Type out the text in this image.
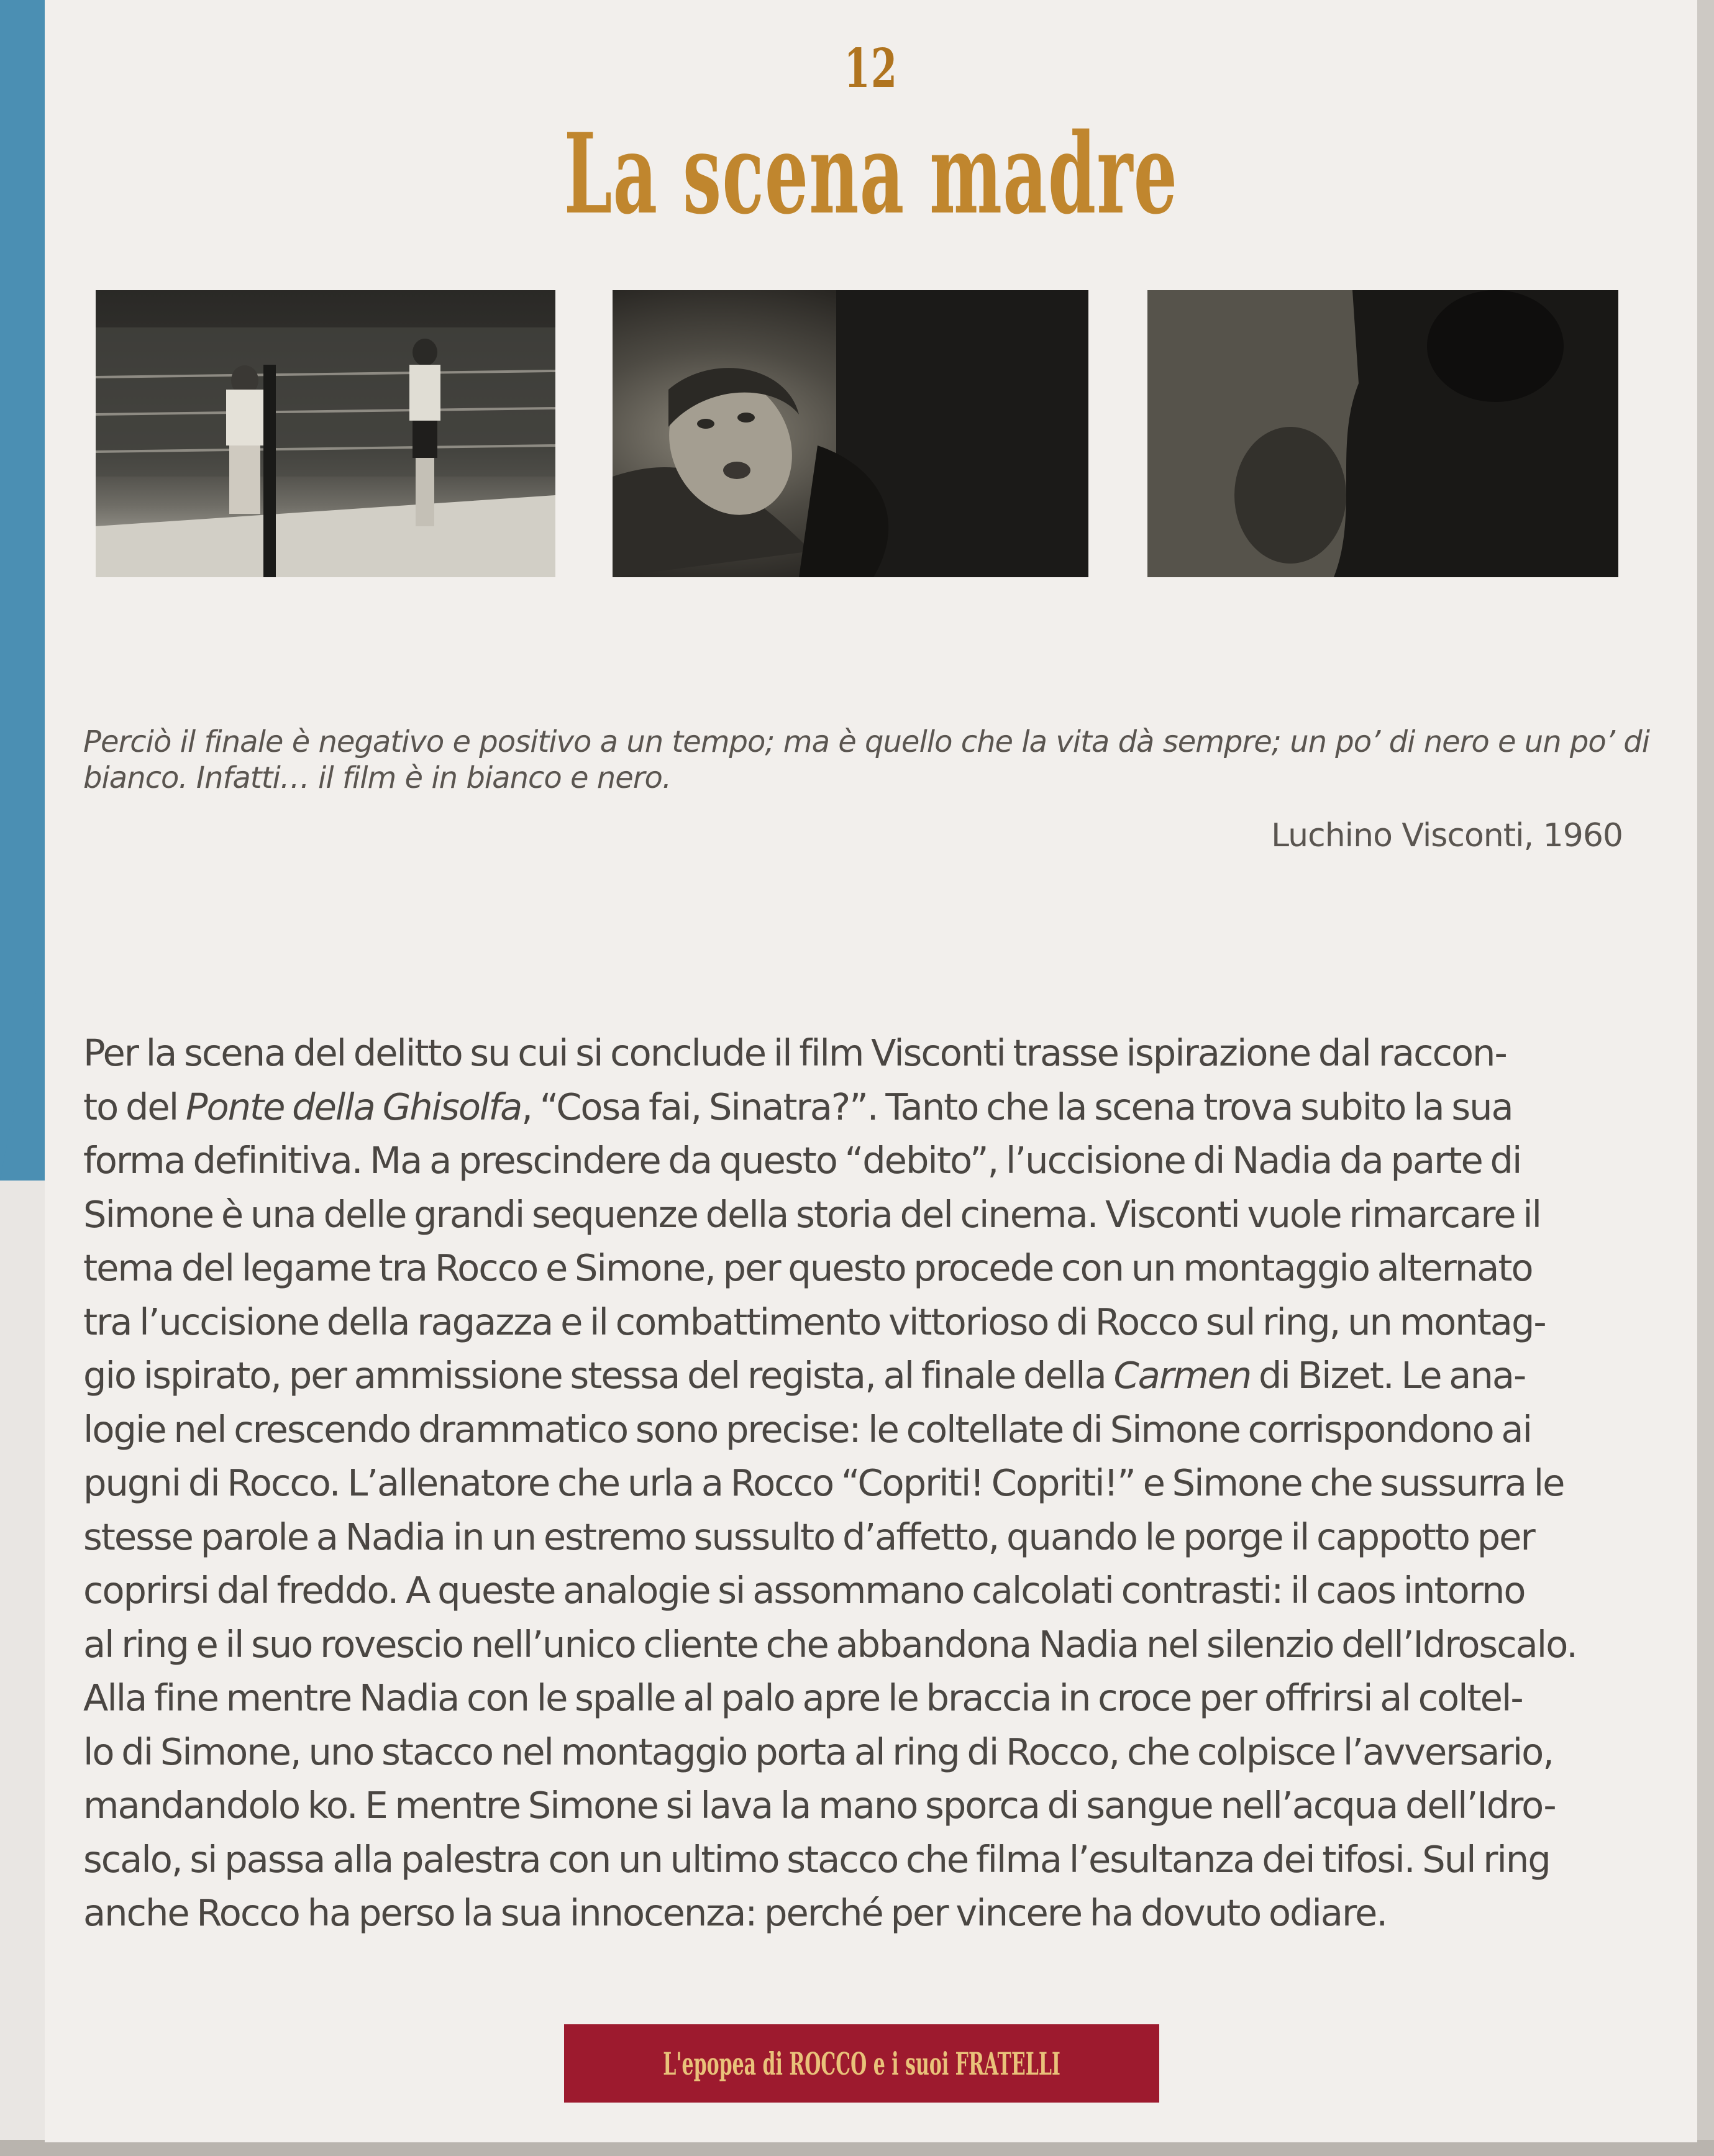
12
La scena madre
Perciò il finale è negativo e positivo a un tempo; ma è quello che la vita dà sempre; un po’ di nero e un po’ di bianco. Infatti… il film è in bianco e nero.
Luchino Visconti, 1960
Per la scena del delitto su cui si conclude il film Visconti trasse ispirazione dal raccon-
to del Ponte della Ghisolfa, “Cosa fai, Sinatra?”. Tanto che la scena trova subito la sua
forma definitiva. Ma a prescindere da questo “debito”, l’uccisione di Nadia da parte di
Simone è una delle grandi sequenze della storia del cinema. Visconti vuole rimarcare il
tema del legame tra Rocco e Simone, per questo procede con un montaggio alternato
tra l’uccisione della ragazza e il combattimento vittorioso di Rocco sul ring, un montag-
gio ispirato, per ammissione stessa del regista, al finale della Carmen di Bizet. Le ana-
logie nel crescendo drammatico sono precise: le coltellate di Simone corrispondono ai
pugni di Rocco. L’allenatore che urla a Rocco “Copriti! Copriti!” e Simone che sussurra le
stesse parole a Nadia in un estremo sussulto d’affetto, quando le porge il cappotto per
coprirsi dal freddo. A queste analogie si assommano calcolati contrasti: il caos intorno
al ring e il suo rovescio nell’unico cliente che abbandona Nadia nel silenzio dell’Idroscalo.
Alla fine mentre Nadia con le spalle al palo apre le braccia in croce per offrirsi al coltel-
lo di Simone, uno stacco nel montaggio porta al ring di Rocco, che colpisce l’avversario,
mandandolo ko. E mentre Simone si lava la mano sporca di sangue nell’acqua dell’Idro-
scalo, si passa alla palestra con un ultimo stacco che filma l’esultanza dei tifosi. Sul ring
anche Rocco ha perso la sua innocenza: perché per vincere ha dovuto odiare.
L'epopea di ROCCO e i suoi FRATELLI
